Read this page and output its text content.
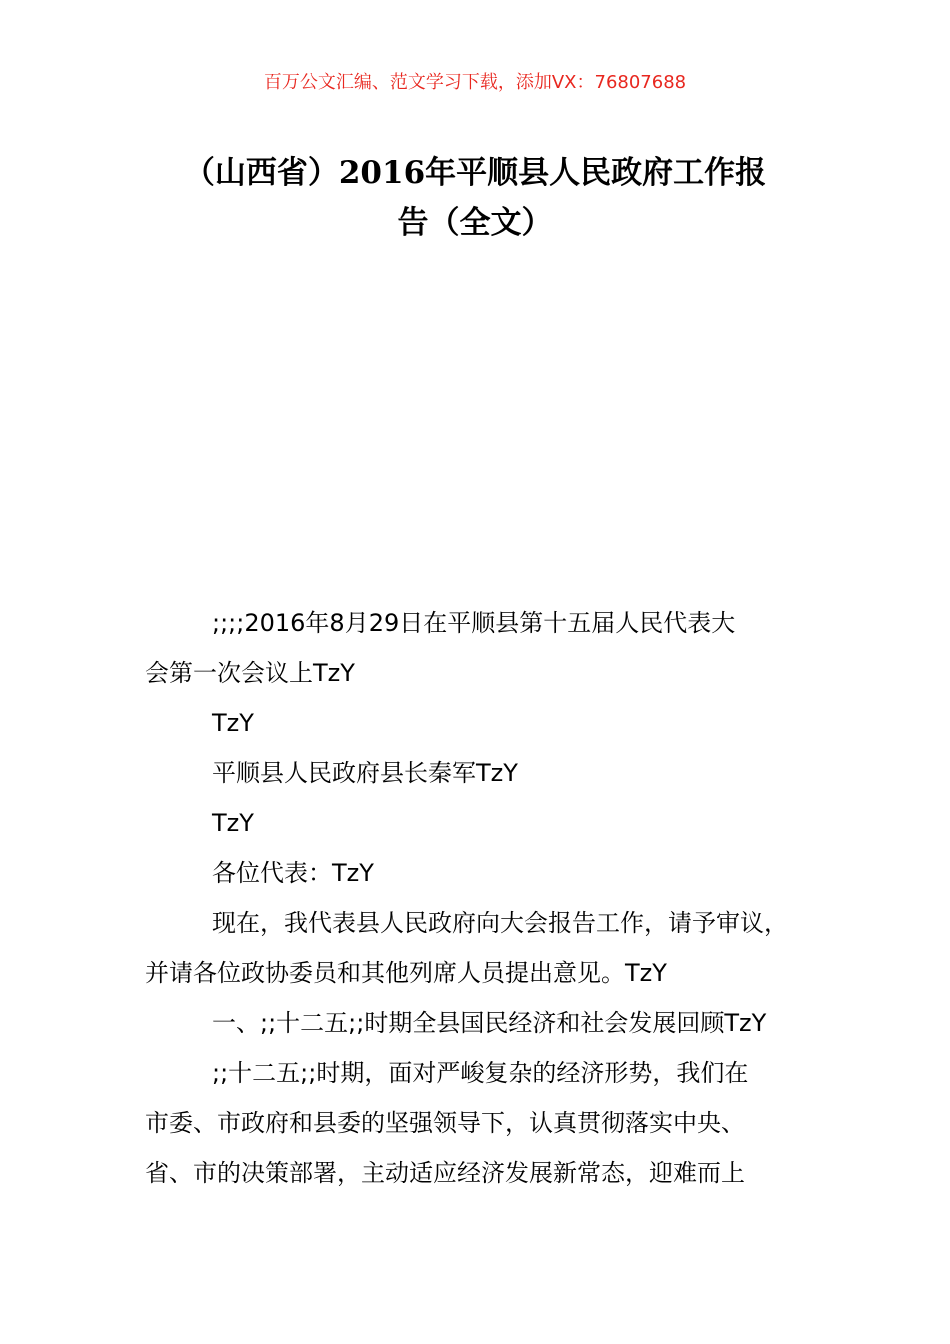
百万公文汇编、范文学习下载，添加VX：76807688
（山西省）2016年平顺县人民政府工作报
告（全文）

;;;;2016年8月29日在平顺县第十五届人民代表大

会第一次会议上TzY

TzY

平顺县人民政府县长秦军TzY

TzY

各位代表：TzY

现在，我代表县人民政府向大会报告工作，请予审议，

并请各位政协委员和其他列席人员提出意见。TzY

一、;;十二五;;时期全县国民经济和社会发展回顾TzY

;;十二五;;时期，面对严峻复杂的经济形势，我们在

市委、市政府和县委的坚强领导下，认真贯彻落实中央、

省、市的决策部署，主动适应经济发展新常态，迎难而上
